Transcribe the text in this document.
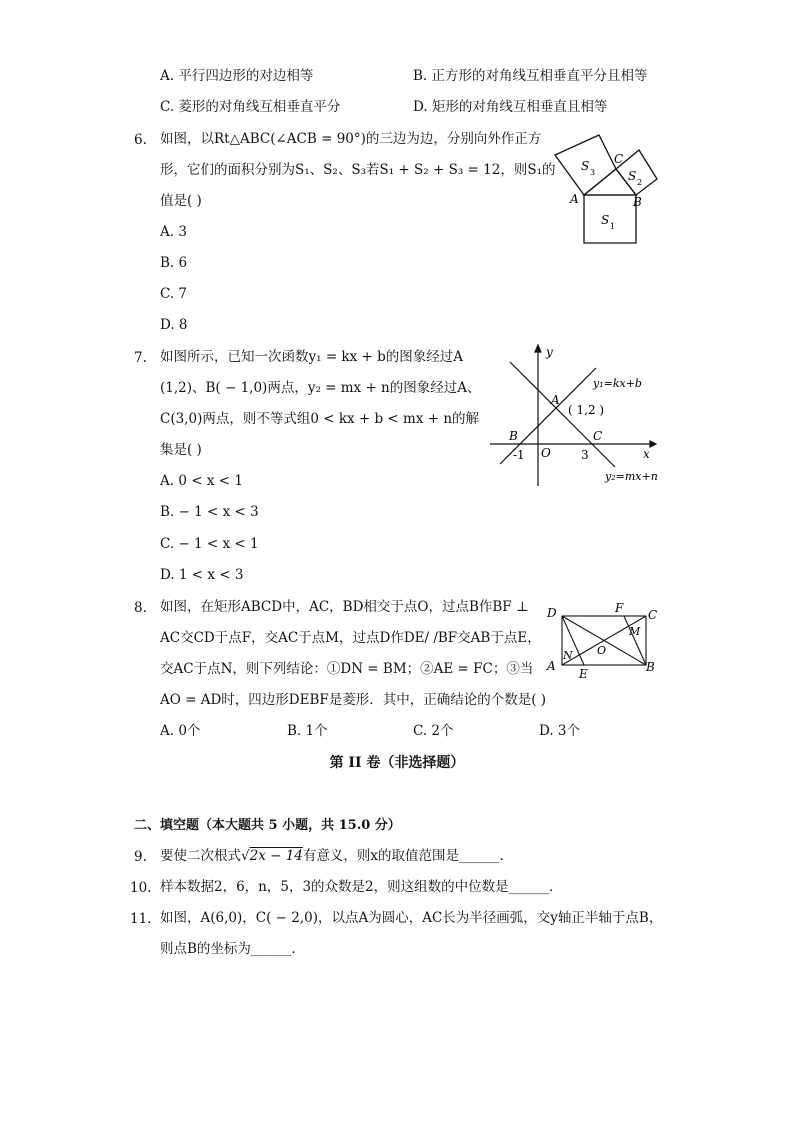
A. 平行四边形的对边相等	B. 正方形的对角线互相垂直平分且相等
C. 菱形的对角线互相垂直平分	D. 矩形的对角线互相垂直且相等
6. 如图，以Rt△ABC(∠ACB = 90°)的三边为边，分别向外作正方
形，它们的面积分别为S₁、S₂、S₃若S₁ + S₂ + S₃ = 12，则S₁的
值是( )
A. 3
B. 6
C. 7
D. 8
S 3	S 2
S 1
A	B
C
7. 如图所示，已知一次函数y₁ = kx + b的图象经过A
(1,2)、B( − 1,0)两点，y₂ = mx + n的图象经过A、
C(3,0)两点，则不等式组0 < kx + b < mx + n的解
集是( )
A. 0 < x < 1
B. − 1 < x < 3
C. − 1 < x < 1
D. 1 < x < 3
y
x
y₁=kx+b
y₂=mx+n
A
( 1,2 )
B	C
O
-1	3
8. 如图，在矩形ABCD中，AC，BD相交于点O，过点B作BF ⊥
AC交CD于点F，交AC于点M，过点D作DE/ /BF交AB于点E，
交AC于点N，则下列结论：①DN = BM；②AE = FC；③当
AO = AD时，四边形DEBF是菱形．其中，正确结论的个数是( )
A. 0个	B. 1个	C. 2个	D. 3个
D	F C
M
O
N
A
E	B
第 II 卷（非选择题）
二、填空题（本大题共 5 小题，共 15.0 分）
9. 要使二次根式√2x − 14有意义，则x的取值范围是______．
10. 样本数据2，6，n，5，3的众数是2，则这组数的中位数是______．
11. 如图，A(6,0)，C( − 2,0)，以点A为圆心，AC长为半径画弧，交y轴正半轴于点B，
则点B的坐标为______．
